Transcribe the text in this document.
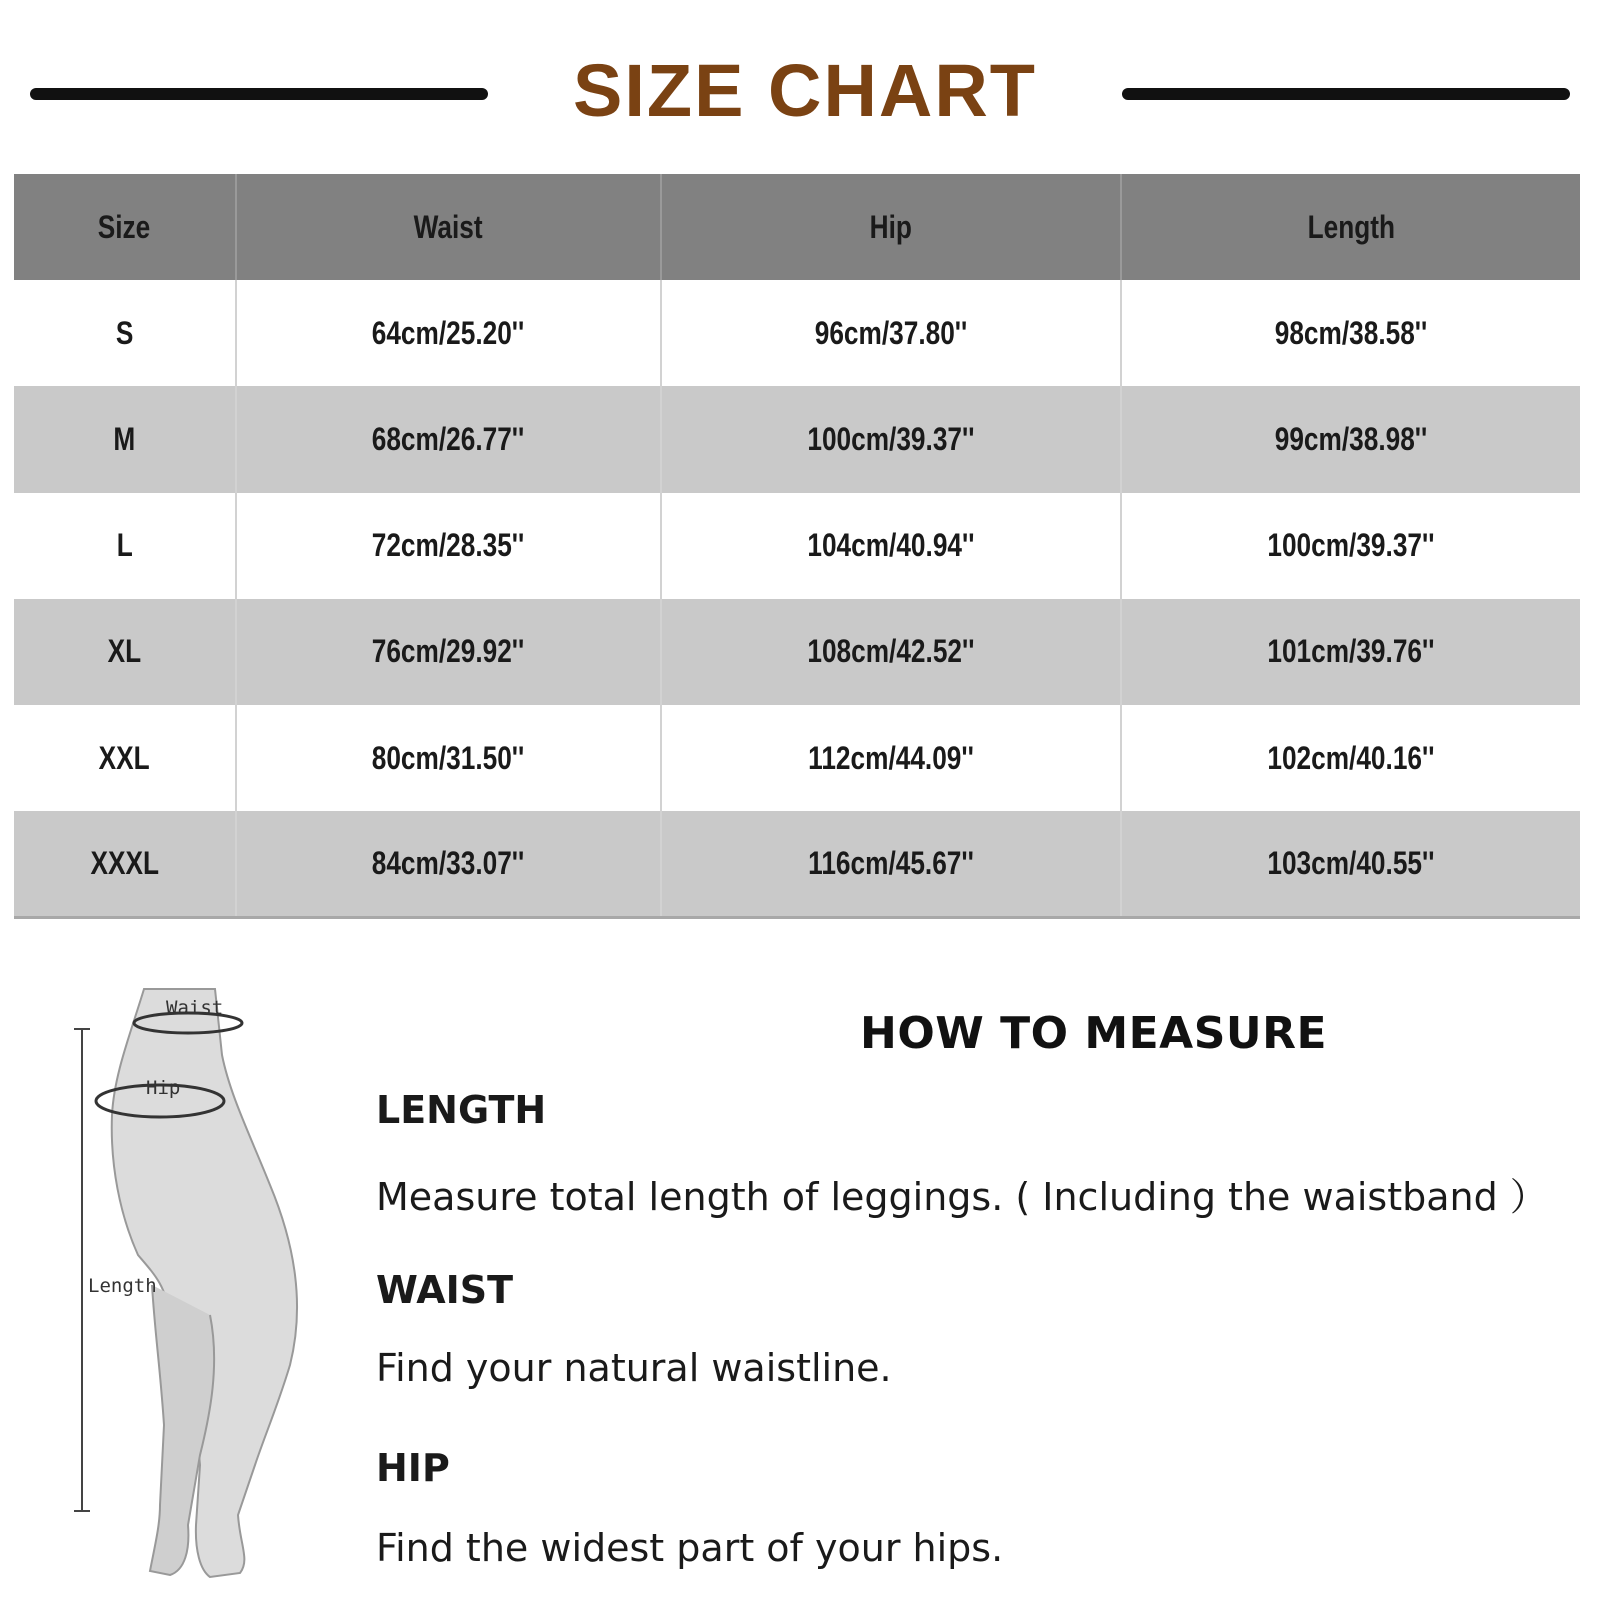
SIZE CHART
Size	Waist	Hip	Length
S	64cm/25.20''	96cm/37.80''	98cm/38.58''
M	68cm/26.77''	100cm/39.37''	99cm/38.98''
L	72cm/28.35''	104cm/40.94''	100cm/39.37''
XL	76cm/29.92''	108cm/42.52''	101cm/39.76''
XXL	80cm/31.50''	112cm/44.09''	102cm/40.16''
XXXL	84cm/33.07''	116cm/45.67''	103cm/40.55''
Waist
Hip
Length
HOW TO MEASURE
LENGTH
Measure total length of leggings. ( Including the waistband ）
WAIST
Find your natural waistline.
HIP
Find the widest part of your hips.
